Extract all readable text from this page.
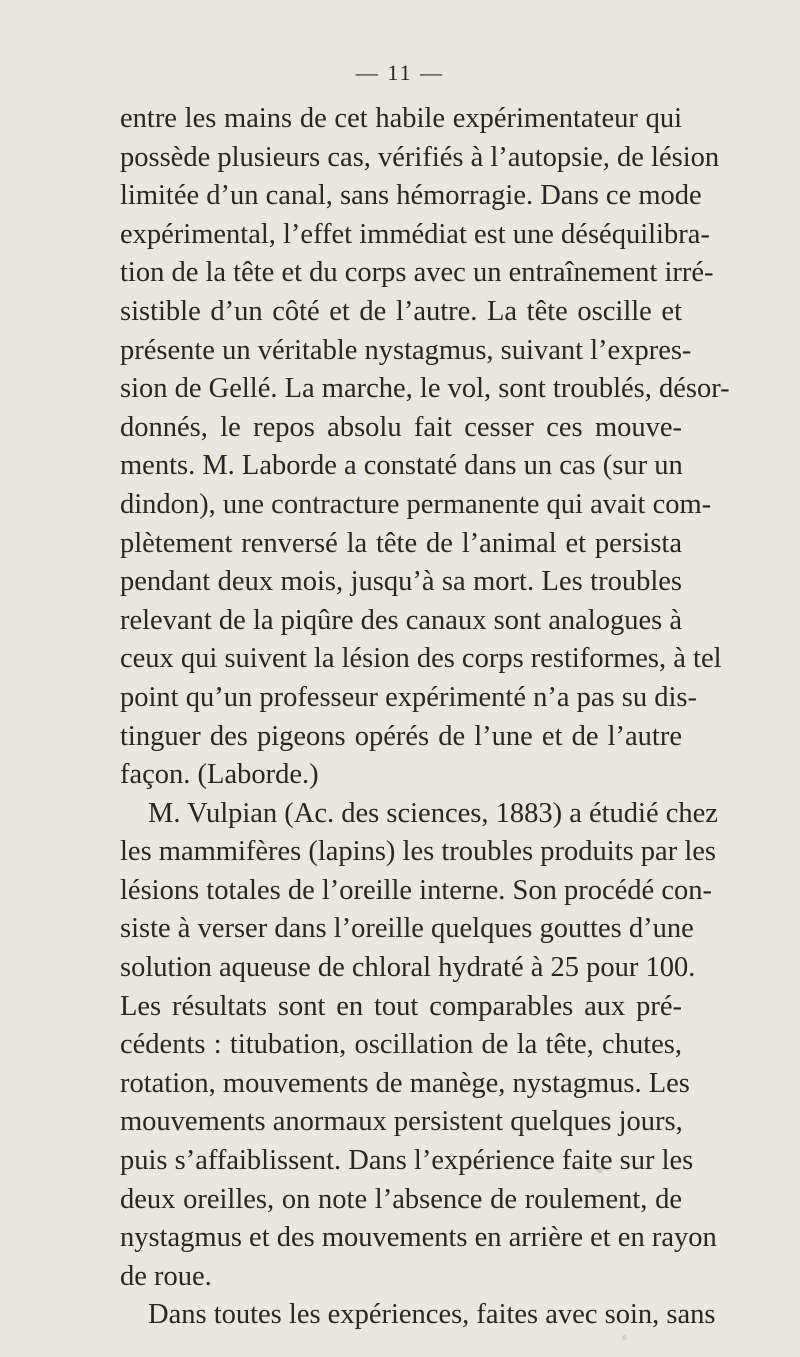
— 11 —
entre les mains de cet habile expérimentateur qui
possède plusieurs cas, vérifiés à l’autopsie, de lésion
limitée d’un canal, sans hémorragie. Dans ce mode
expérimental, l’effet immédiat est une déséquilibra-
tion de la tête et du corps avec un entraînement irré-
sistible d’un côté et de l’autre. La tête oscille et
présente un véritable nystagmus, suivant l’expres-
sion de Gellé. La marche, le vol, sont troublés, désor-
donnés, le repos absolu fait cesser ces mouve-
ments. M. Laborde a constaté dans un cas (sur un
dindon), une contracture permanente qui avait com-
plètement renversé la tête de l’animal et persista
pendant deux mois, jusqu’à sa mort. Les troubles
relevant de la piqûre des canaux sont analogues à
ceux qui suivent la lésion des corps restiformes, à tel
point qu’un professeur expérimenté n’a pas su dis-
tinguer des pigeons opérés de l’une et de l’autre
façon. (Laborde.)
M. Vulpian (Ac. des sciences, 1883) a étudié chez
les mammifères (lapins) les troubles produits par les
lésions totales de l’oreille interne. Son procédé con-
siste à verser dans l’oreille quelques gouttes d’une
solution aqueuse de chloral hydraté à 25 pour 100.
Les résultats sont en tout comparables aux pré-
cédents : titubation, oscillation de la tête, chutes,
rotation, mouvements de manège, nystagmus. Les
mouvements anormaux persistent quelques jours,
puis s’affaiblissent. Dans l’expérience faite sur les
deux oreilles, on note l’absence de roulement, de
nystagmus et des mouvements en arrière et en rayon
de roue.
Dans toutes les expériences, faites avec soin, sans
